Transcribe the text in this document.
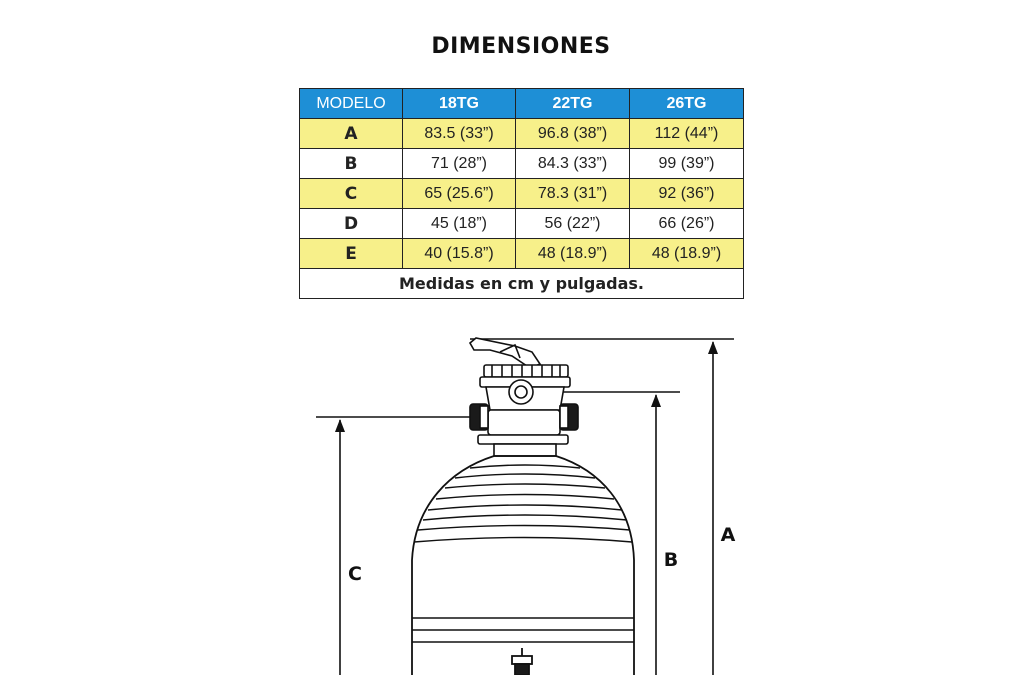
DIMENSIONES
MODELO	18TG	22TG	26TG
A	83.5 (33”)	96.8 (38”)	112 (44”)
B	71 (28”)	84.3 (33”)	99 (39”)
C	65 (25.6”)	78.3 (31”)	92 (36”)
D	45 (18”)	56 (22”)	66 (26”)
E	40 (15.8”)	48 (18.9”)	48 (18.9”)
Medidas en cm y pulgadas.			
A
B
C
